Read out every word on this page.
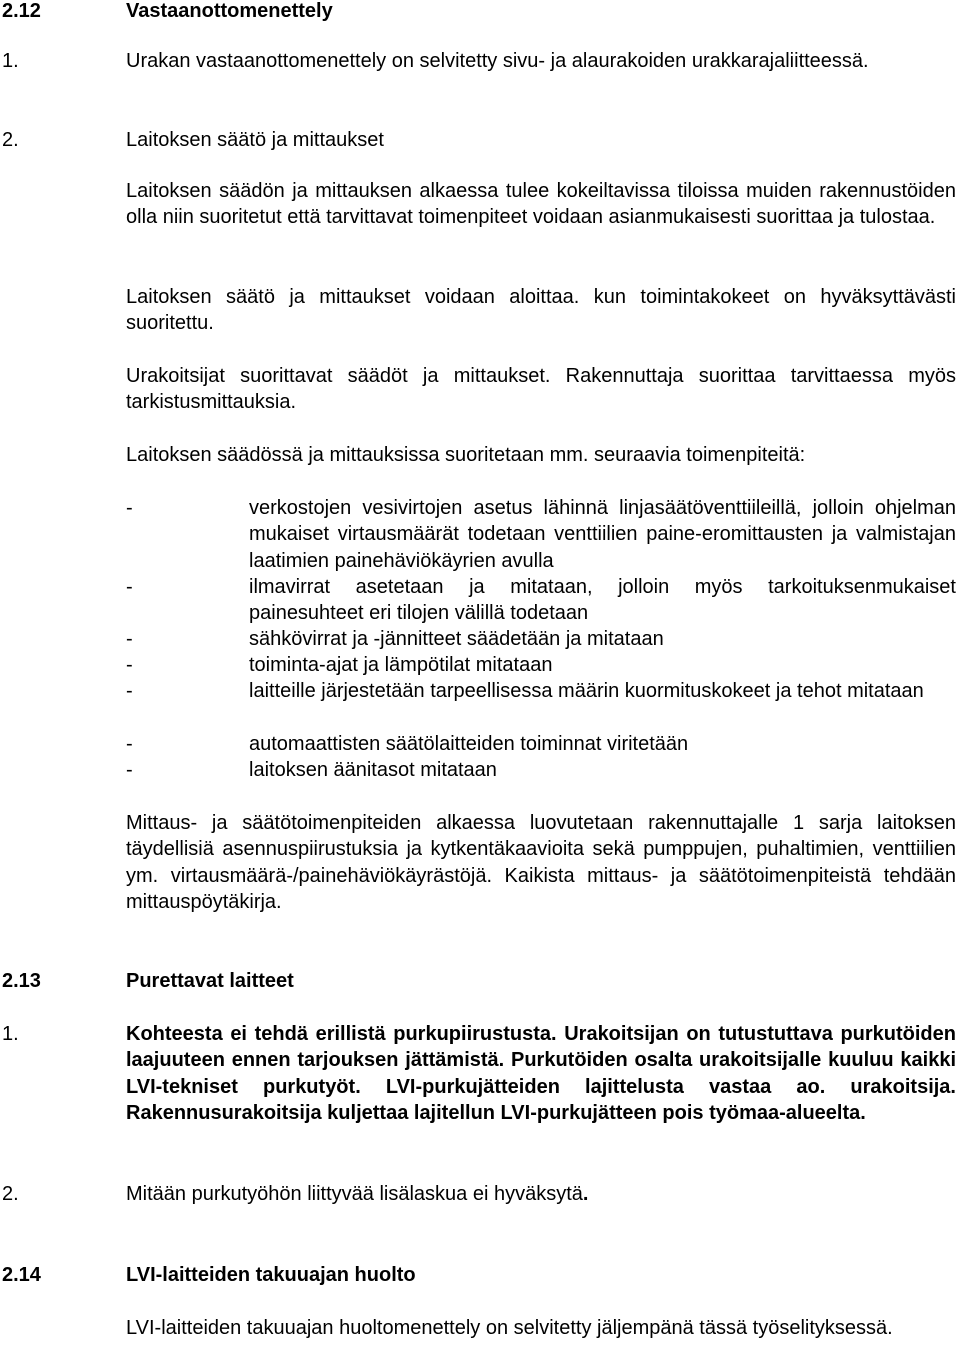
2.12	Vastaanottomenettely
1.	Urakan vastaanottomenettely on selvitetty sivu- ja alaurakoiden urakkarajaliitteessä.
2.	Laitoksen säätö ja mittaukset
Laitoksen säädön ja mittauksen alkaessa tulee kokeiltavissa tiloissa muiden rakennustöiden olla niin suoritetut että tarvittavat toimenpiteet voidaan asianmukaisesti suorittaa ja tulostaa.
Laitoksen säätö ja mittaukset voidaan aloittaa. kun toimintakokeet on hyväksyttävästi suoritettu.
Urakoitsijat suorittavat säädöt ja mittaukset. Rakennuttaja suorittaa tarvittaessa myös tarkistusmittauksia.
Laitoksen säädössä ja mittauksissa suoritetaan mm. seuraavia toimenpiteitä:
-	verkostojen vesivirtojen asetus lähinnä linjasäätöventtiileillä, jolloin ohjelman mukaiset virtausmäärät todetaan venttiilien paine-eromittausten ja valmistajan laatimien painehäviökäyrien avulla
-	ilmavirrat asetetaan ja mitataan, jolloin myös tarkoituksenmukaiset painesuhteet eri tilojen välillä todetaan
-	sähkövirrat ja -jännitteet säädetään ja mitataan
-	toiminta-ajat ja lämpötilat mitataan
-	laitteille järjestetään tarpeellisessa määrin kuormituskokeet ja tehot mitataan
-	automaattisten säätölaitteiden toiminnat viritetään
-	laitoksen äänitasot mitataan
Mittaus- ja säätötoimenpiteiden alkaessa luovutetaan rakennuttajalle 1 sarja laitoksen täydellisiä asennuspiirustuksia ja kytkentäkaavioita sekä pumppujen, puhaltimien, venttiilien ym. virtausmäärä-/painehäviökäyrästöjä. Kaikista mittaus- ja säätötoimenpiteistä tehdään mittauspöytäkirja.
2.13	Purettavat laitteet
1.	Kohteesta ei tehdä erillistä purkupiirustusta. Urakoitsijan on tutustuttava purkutöiden laajuuteen ennen tarjouksen jättämistä. Purkutöiden osalta urakoitsijalle kuuluu kaikki LVI-tekniset purkutyöt. LVI-purkujätteiden lajittelusta vastaa ao. urakoitsija. Rakennusurakoitsija kuljettaa lajitellun LVI-purkujätteen pois työmaa-alueelta.
2.	Mitään purkutyöhön liittyvää lisälaskua ei hyväksytä.
2.14	LVI-laitteiden takuuajan huolto
LVI-laitteiden takuuajan huoltomenettely on selvitetty jäljempänä tässä työselityksessä.
